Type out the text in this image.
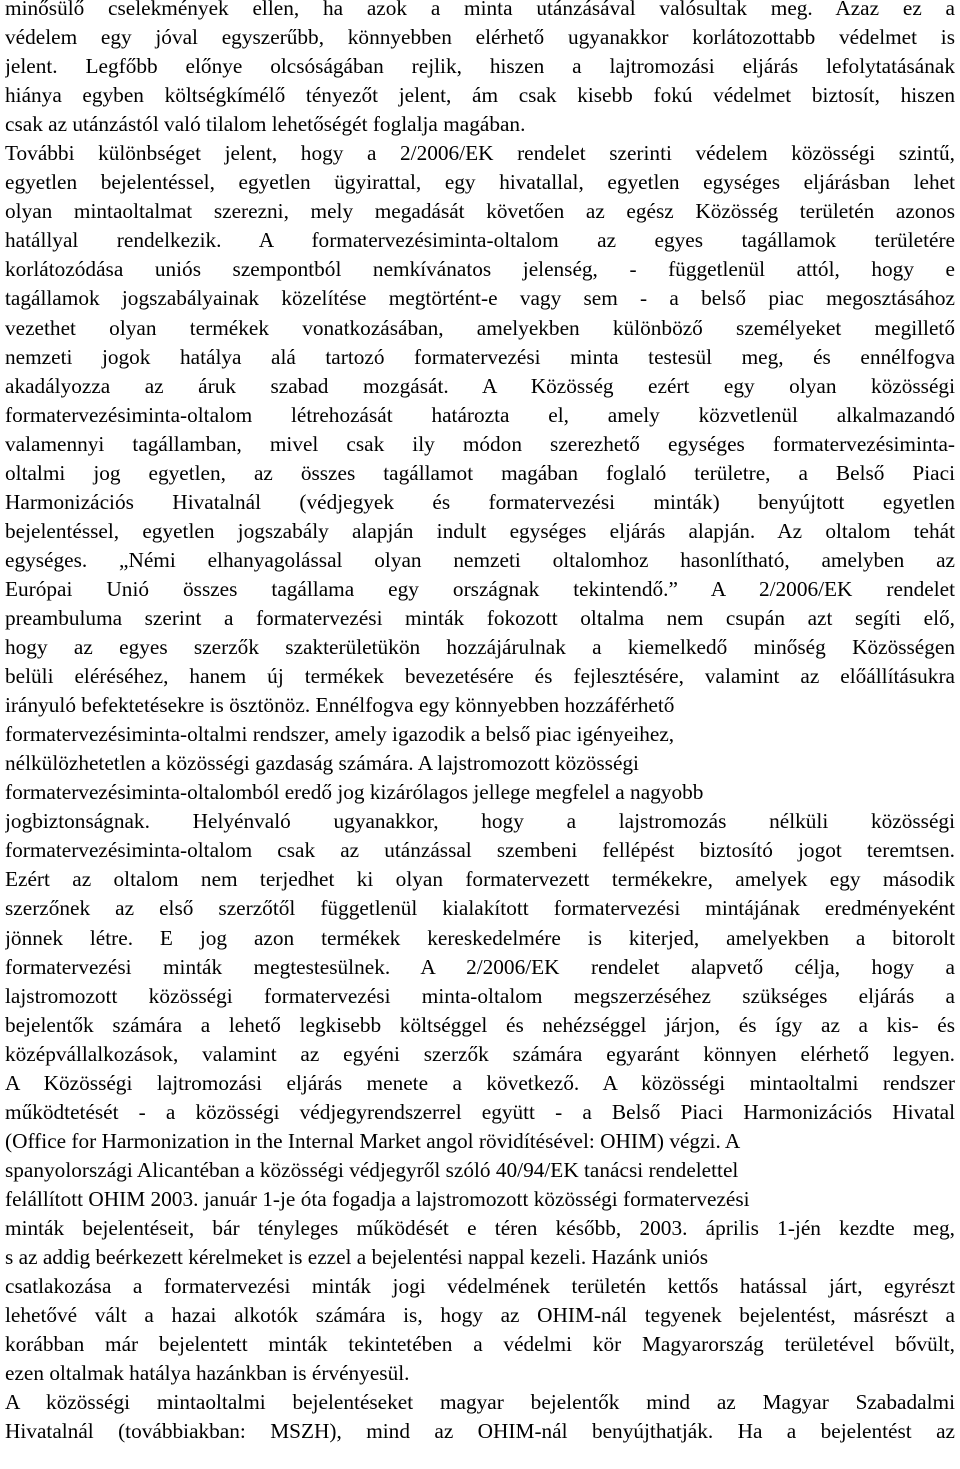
minősülő cselekmények ellen, ha azok a minta utánzásával valósultak meg. Azaz ez a
védelem egy jóval egyszerűbb, könnyebben elérhető ugyanakkor korlátozottabb védelmet is
jelent. Legfőbb előnye olcsóságában rejlik, hiszen a lajtromozási eljárás lefolytatásának
hiánya egyben költségkímélő tényezőt jelent, ám csak kisebb fokú védelmet biztosít, hiszen
csak az utánzástól való tilalom lehetőségét foglalja magában.
További különbséget jelent, hogy a 2/2006/EK rendelet szerinti védelem közösségi szintű,
egyetlen bejelentéssel, egyetlen ügyirattal, egy hivatallal, egyetlen egységes eljárásban lehet
olyan mintaoltalmat szerezni, mely megadását követően az egész Közösség területén azonos
hatállyal rendelkezik. A formatervezésiminta-oltalom az egyes tagállamok területére
korlátozódása uniós szempontból nemkívánatos jelenség, - függetlenül attól, hogy e
tagállamok jogszabályainak közelítése megtörtént-e vagy sem - a belső piac megosztásához
vezethet olyan termékek vonatkozásában, amelyekben különböző személyeket megillető
nemzeti jogok hatálya alá tartozó formatervezési minta testesül meg, és ennélfogva
akadályozza az áruk szabad mozgását. A Közösség ezért egy olyan közösségi
formatervezésiminta-oltalom létrehozását határozta el, amely közvetlenül alkalmazandó
valamennyi tagállamban, mivel csak ily módon szerezhető egységes formatervezésiminta-
oltalmi jog egyetlen, az összes tagállamot magában foglaló területre, a Belső Piaci
Harmonizációs Hivatalnál (védjegyek és formatervezési minták) benyújtott egyetlen
bejelentéssel, egyetlen jogszabály alapján indult egységes eljárás alapján. Az oltalom tehát
egységes. „Némi elhanyagolással olyan nemzeti oltalomhoz hasonlítható, amelyben az
Európai Unió összes tagállama egy országnak tekintendő.” A 2/2006/EK rendelet
preambuluma szerint a formatervezési minták fokozott oltalma nem csupán azt segíti elő,
hogy az egyes szerzők szakterületükön hozzájárulnak a kiemelkedő minőség Közösségen
belüli eléréséhez, hanem új termékek bevezetésére és fejlesztésére, valamint az előállításukra
irányuló befektetésekre is ösztönöz. Ennélfogva egy könnyebben hozzáférhető
formatervezésiminta-oltalmi rendszer, amely igazodik a belső piac igényeihez,
nélkülözhetetlen a közösségi gazdaság számára. A lajstromozott közösségi
formatervezésiminta-oltalomból eredő jog kizárólagos jellege megfelel a nagyobb
jogbiztonságnak. Helyénvaló ugyanakkor, hogy a lajstromozás nélküli közösségi
formatervezésiminta-oltalom csak az utánzással szembeni fellépést biztosító jogot teremtsen.
Ezért az oltalom nem terjedhet ki olyan formatervezett termékekre, amelyek egy második
szerzőnek az első szerzőtől függetlenül kialakított formatervezési mintájának eredményeként
jönnek létre. E jog azon termékek kereskedelmére is kiterjed, amelyekben a bitorolt
formatervezési minták megtestesülnek. A 2/2006/EK rendelet alapvető célja, hogy a
lajstromozott közösségi formatervezési minta-oltalom megszerzéséhez szükséges eljárás a
bejelentők számára a lehető legkisebb költséggel és nehézséggel járjon, és így az a kis- és
középvállalkozások, valamint az egyéni szerzők számára egyaránt könnyen elérhető legyen.
A Közösségi lajtromozási eljárás menete a következő. A közösségi mintaoltalmi rendszer
működtetését - a közösségi védjegyrendszerrel együtt - a Belső Piaci Harmonizációs Hivatal
(Office for Harmonization in the Internal Market angol rövidítésével: OHIM) végzi. A
spanyolországi Alicantéban a közösségi védjegyről szóló 40/94/EK tanácsi rendelettel
felállított OHIM 2003. január 1-je óta fogadja a lajstromozott közösségi formatervezési
minták bejelentéseit, bár tényleges működését e téren később, 2003. április 1-jén kezdte meg,
s az addig beérkezett kérelmeket is ezzel a bejelentési nappal kezeli. Hazánk uniós
csatlakozása a formatervezési minták jogi védelmének területén kettős hatással járt, egyrészt
lehetővé vált a hazai alkotók számára is, hogy az OHIM-nál tegyenek bejelentést, másrészt a
korábban már bejelentett minták tekintetében a védelmi kör Magyarország területével bővült,
ezen oltalmak hatálya hazánkban is érvényesül.
A közösségi mintaoltalmi bejelentéseket magyar bejelentők mind az Magyar Szabadalmi
Hivatalnál (továbbiakban: MSZH), mind az OHIM-nál benyújthatják. Ha a bejelentést az
